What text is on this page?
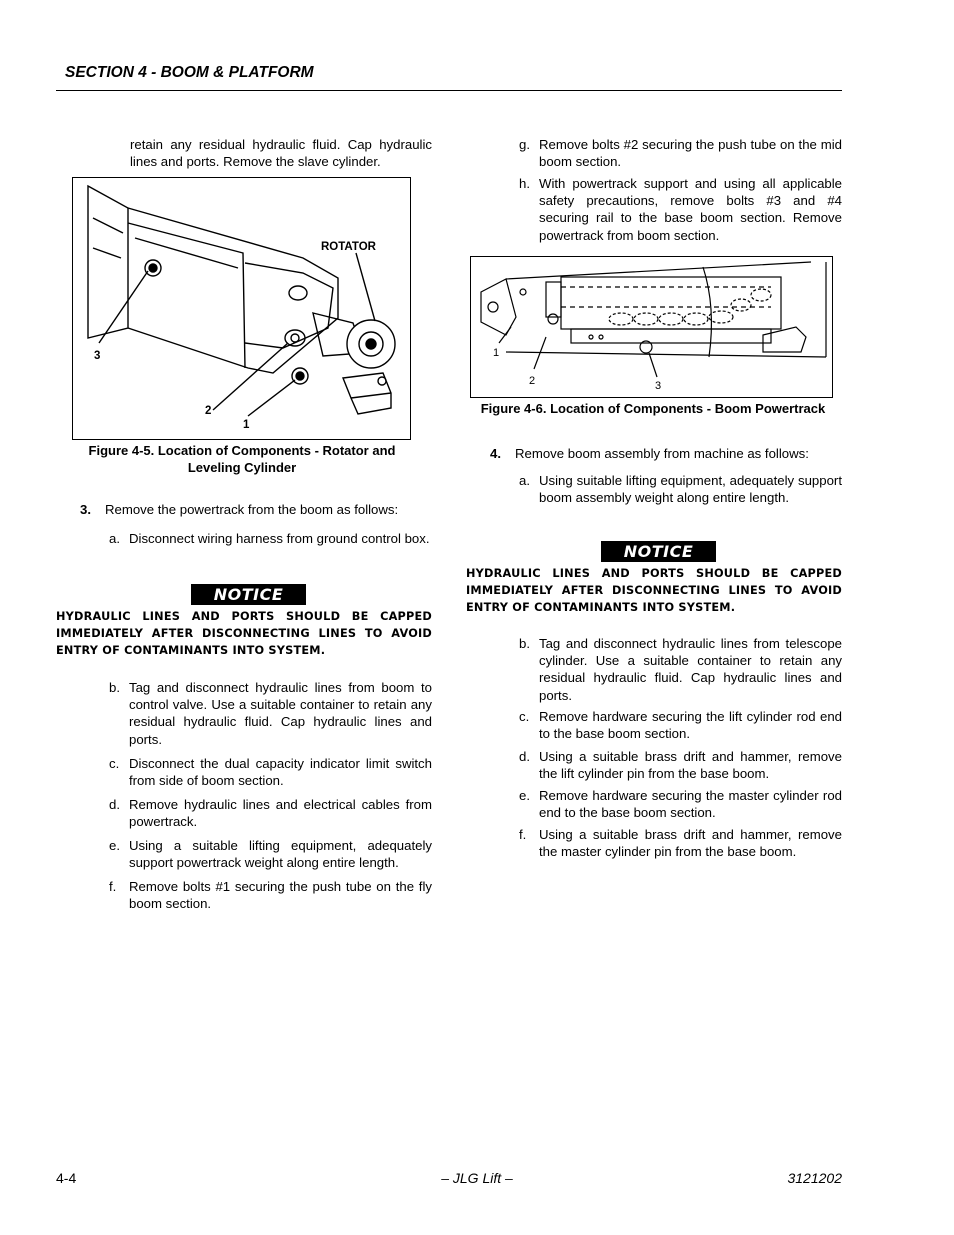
SECTION 4 - BOOM & PLATFORM
retain any residual hydraulic fluid. Cap hydraulic lines and ports. Remove the slave cylinder.
ROTATOR
3
2
1
Figure 4-5. Location of Components - Rotator and
Leveling Cylinder
3. Remove the powertrack from the boom as follows:
a. Disconnect wiring harness from ground control box.
NOTICE
HYDRAULIC LINES AND PORTS SHOULD BE CAPPED IMMEDIATELY AFTER DISCONNECTING LINES TO AVOID ENTRY OF CONTAMINANTS INTO SYSTEM.
b. Tag and disconnect hydraulic lines from boom to control valve. Use a suitable container to retain any residual hydraulic fluid. Cap hydraulic lines and ports.
c. Disconnect the dual capacity indicator limit switch from side of boom section.
d. Remove hydraulic lines and electrical cables from powertrack.
e. Using a suitable lifting equipment, adequately support powertrack weight along entire length.
f. Remove bolts #1 securing the push tube on the fly boom section.
g. Remove bolts #2 securing the push tube on the mid boom section.
h. With powertrack support and using all applicable safety precautions, remove bolts #3 and #4 securing rail to the base boom section. Remove powertrack from boom section.
1
2	3
Figure 4-6. Location of Components - Boom Powertrack
4. Remove boom assembly from machine as follows:
a. Using suitable lifting equipment, adequately support boom assembly weight along entire length.
NOTICE
HYDRAULIC LINES AND PORTS SHOULD BE CAPPED IMMEDIATELY AFTER DISCONNECTING LINES TO AVOID ENTRY OF CONTAMINANTS INTO SYSTEM.
b. Tag and disconnect hydraulic lines from telescope cylinder. Use a suitable container to retain any residual hydraulic fluid. Cap hydraulic lines and ports.
c. Remove hardware securing the lift cylinder rod end to the base boom section.
d. Using a suitable brass drift and hammer, remove the lift cylinder pin from the base boom.
e. Remove hardware securing the master cylinder rod end to the base boom section.
f. Using a suitable brass drift and hammer, remove the master cylinder pin from the base boom.
4-4	– JLG Lift –	3121202
